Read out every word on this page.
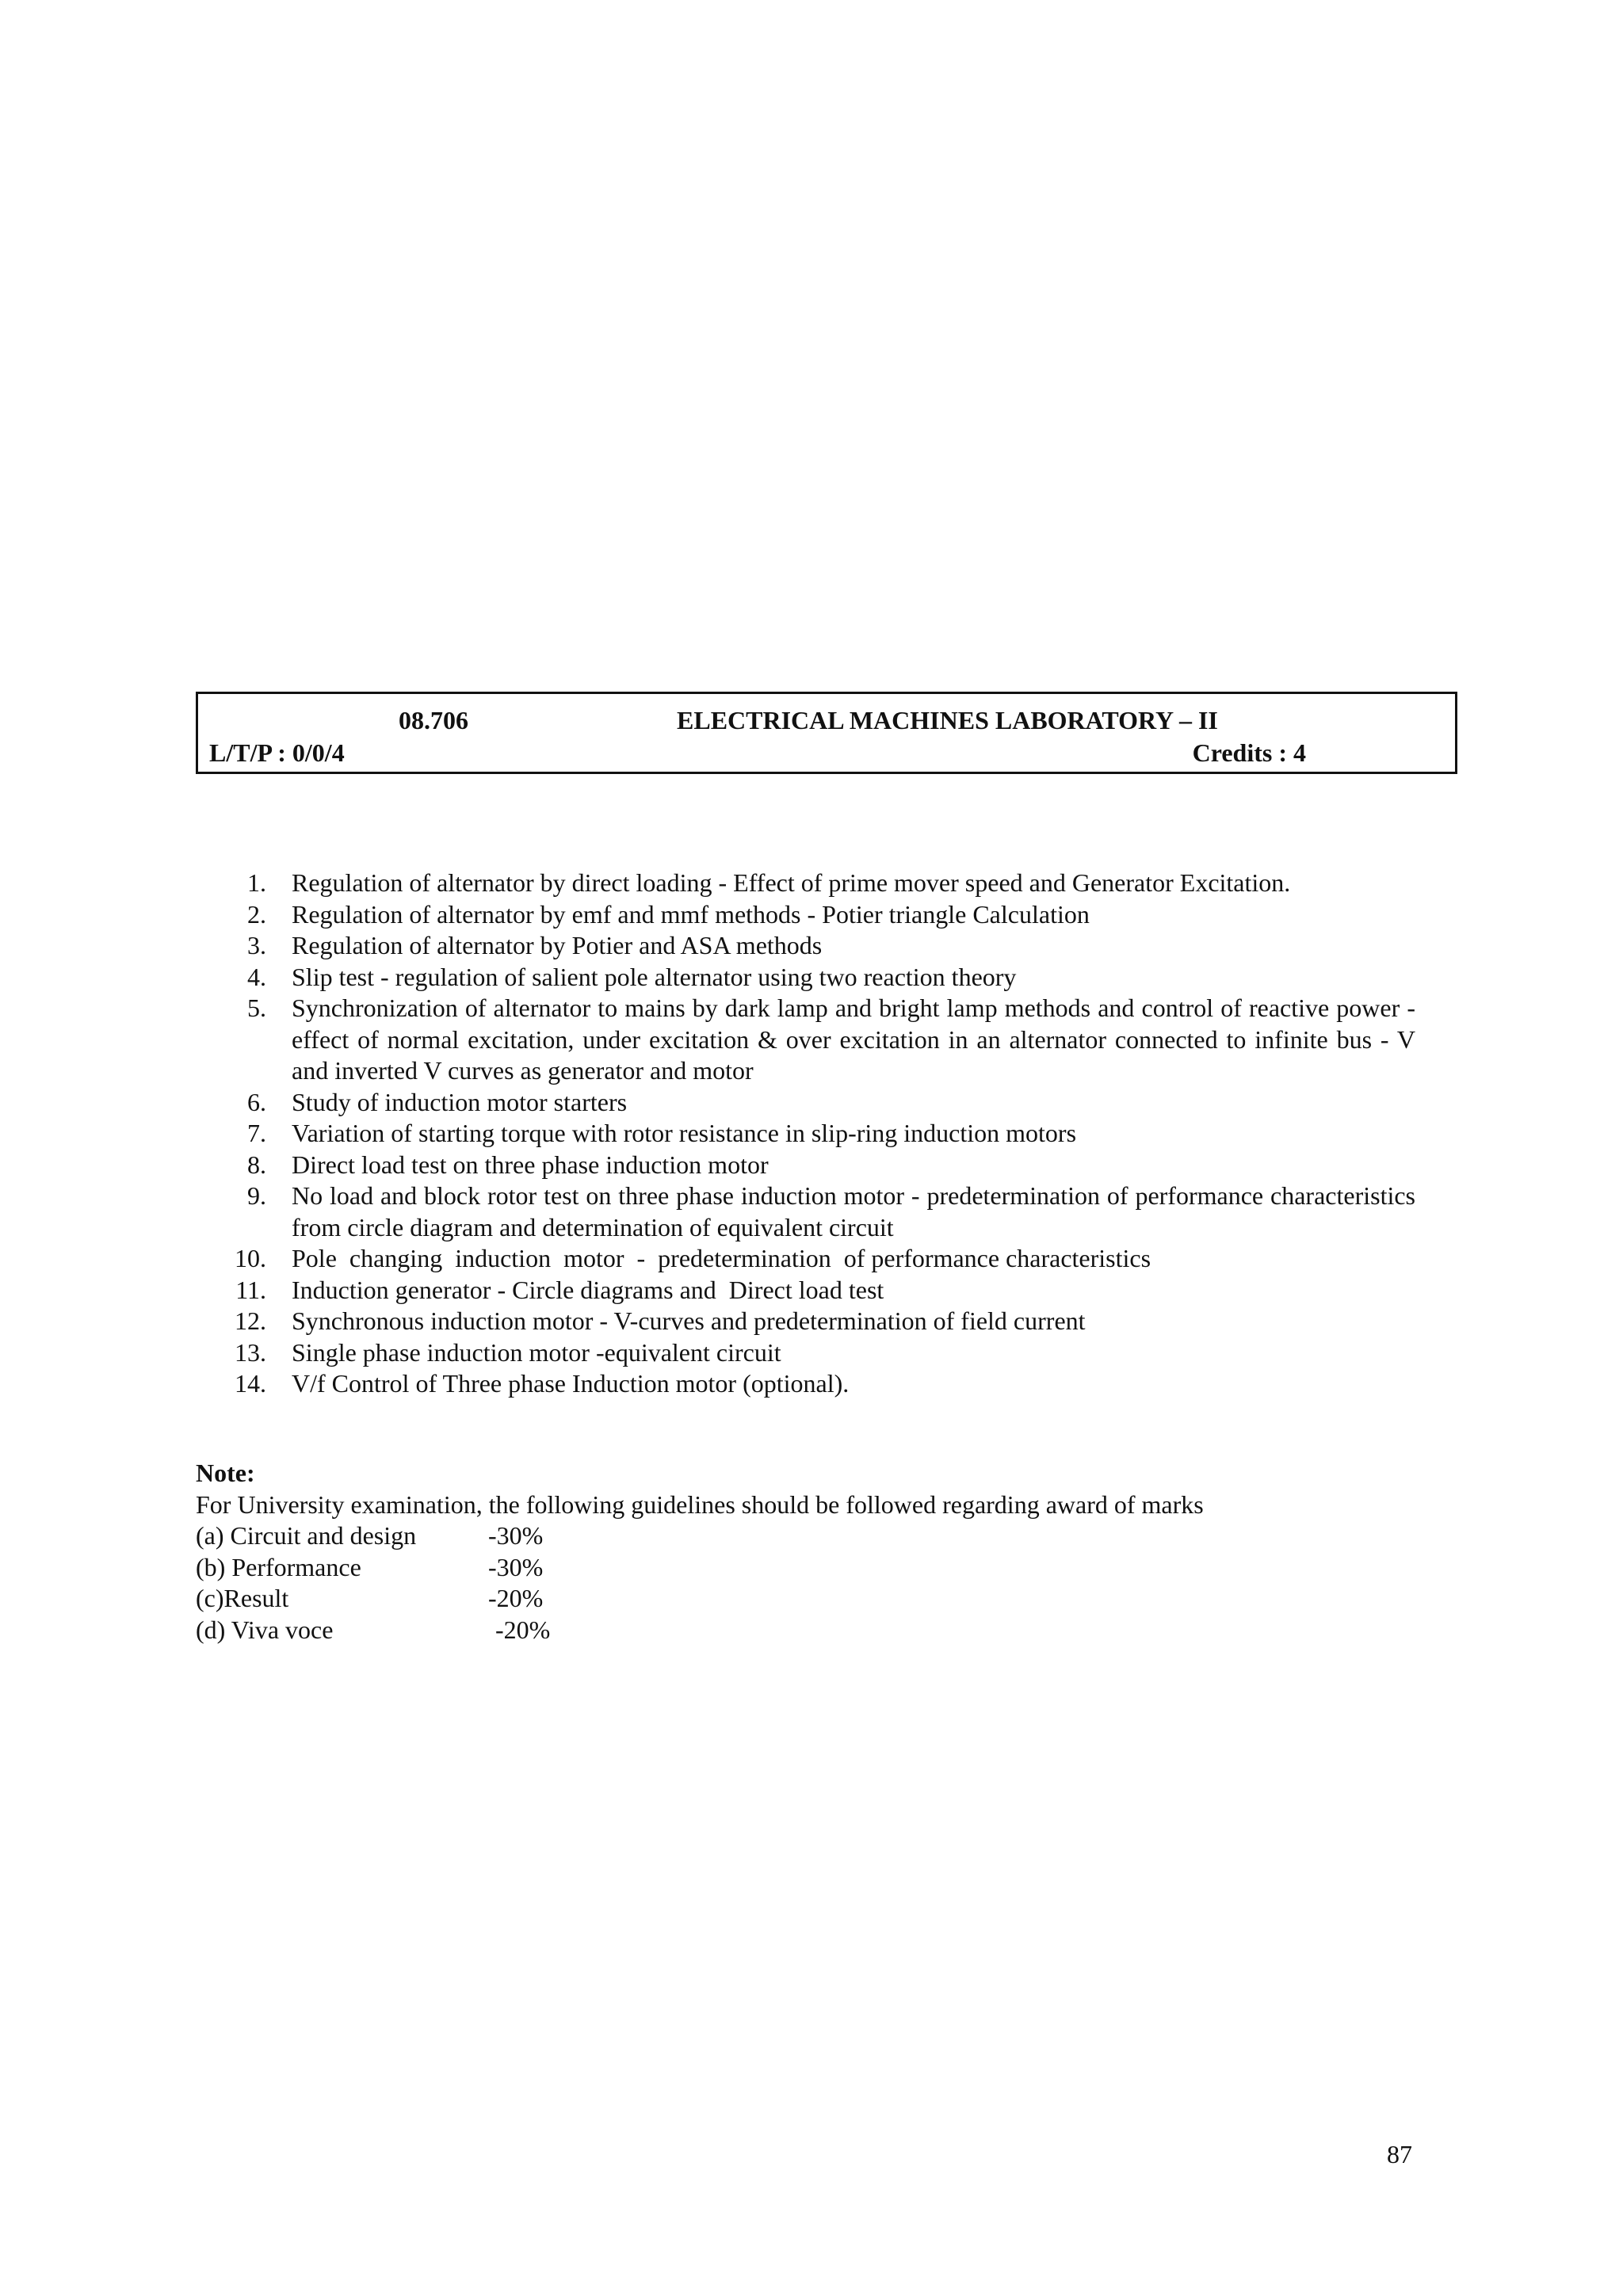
08.706	ELECTRICAL MACHINES LABORATORY – II
L/T/P : 0/0/4	Credits : 4
1. Regulation of alternator by direct loading - Effect of prime mover speed and Generator Excitation.
2. Regulation of alternator by emf and mmf methods - Potier triangle Calculation
3. Regulation of alternator by Potier and ASA methods
4. Slip test - regulation of salient pole alternator using two reaction theory
5. Synchronization of alternator to mains by dark lamp and bright lamp methods and control of reactive power - effect of normal excitation, under excitation & over excitation in an alternator connected to infinite bus - V and inverted V curves as generator and motor
6. Study of induction motor starters
7. Variation of starting torque with rotor resistance in slip-ring induction motors
8. Direct load test on three phase induction motor
9. No load and block rotor test on three phase induction motor - predetermination of performance characteristics from circle diagram and determination of equivalent circuit
10. Pole  changing  induction  motor  -  predetermination  of performance characteristics
11. Induction generator - Circle diagrams and  Direct load test
12. Synchronous induction motor - V-curves and predetermination of field current
13. Single phase induction motor -equivalent circuit
14. V/f Control of Three phase Induction motor (optional).
Note:
For University examination, the following guidelines should be followed regarding award of marks
(a) Circuit and design	-30%
(b) Performance	-30%
(c)Result	-20%
(d) Viva voce	-20%
87
